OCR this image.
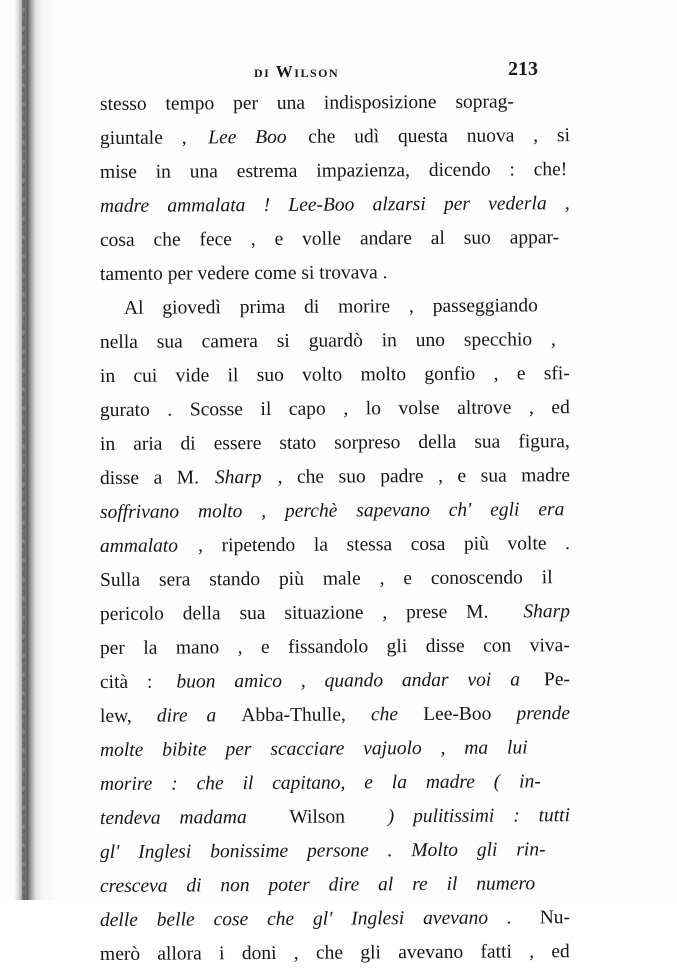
di Wilson	213
stesso tempo per una indisposizione soprag-
giuntale , Lee Boo che udì questa nuova , si
mise in una estrema impazienza, dicendo : che!
madre ammalata ! Lee-Boo alzarsi per vederla ,
cosa che fece , e volle andare al suo appar-
tamento per vedere come si trovava .
Al giovedì prima di morire , passeggiando
nella sua camera si guardò in uno specchio ,
in cui vide il suo volto molto gonfio , e sfi-
gurato . Scosse il capo , lo volse altrove , ed
in aria di essere stato sorpreso della sua figura,
disse a M. Sharp , che suo padre , e sua madre
soffrivano molto , perchè sapevano ch' egli era
ammalato , ripetendo la stessa cosa più volte .
Sulla sera stando più male , e conoscendo il
pericolo della sua situazione , prese M. Sharp
per la mano , e fissandolo gli disse con viva-
cità : buon amico , quando andar voi a Pe-
lew, dire a Abba-Thulle, che Lee-Boo prende
molte bibite per scacciare vajuolo , ma lui
morire : che il capitano, e la madre ( in-
tendeva madama Wilson ) pulitissimi : tutti
gl' Inglesi bonissime persone . Molto gli rin-
cresceva di non poter dire al re il numero
delle belle cose che gl' Inglesi avevano . Nu-
merò allora i doni , che gli avevano fatti , ed
